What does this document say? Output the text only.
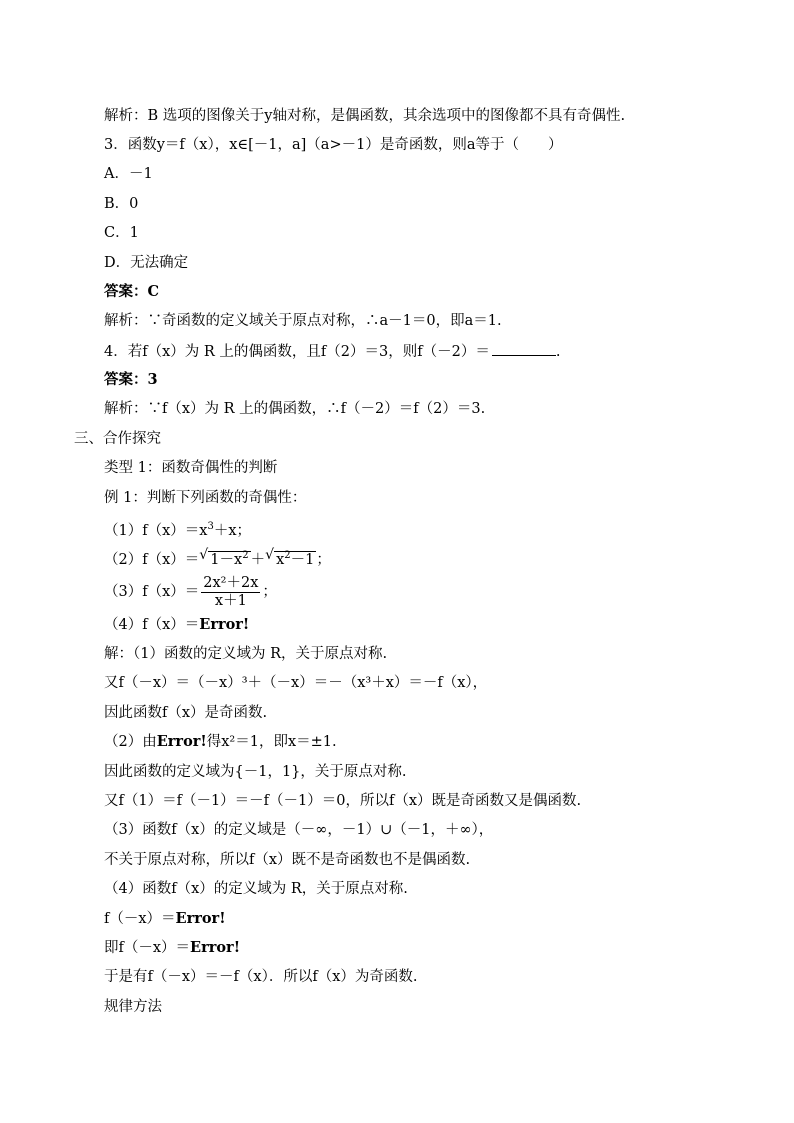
解析：B 选项的图像关于y轴对称，是偶函数，其余选项中的图像都不具有奇偶性.
3．函数y＝f（x），x∈[－1，a]（a>－1）是奇函数，则a等于（　　）
A．－1
B．0
C．1
D．无法确定
答案：C
解析：∵奇函数的定义域关于原点对称，∴a－1＝0，即a＝1.
4．若f（x）为 R 上的偶函数，且f（2）＝3，则f（－2）＝	.
答案：3
解析：∵f（x）为 R 上的偶函数，∴f（－2）＝f（2）＝3.
三、合作探究
类型 1：函数奇偶性的判断
例 1：判断下列函数的奇偶性：
$(1)f(x)=x^3+x$；
（2）f（x）＝ √ $1-x^2$ ＋ √ $x^2-1$ ；
$(3)f(x)= \frac{\text{2x²＋2x}}{x+1}$ ；
（4）f（x）＝Error!
解：（1）函数的定义域为 R，关于原点对称.
又f（－x）＝（－x）³＋（－x）＝－（x³＋x）＝－f（x），
因此函数f（x）是奇函数.
（2）由Error!得x²＝1，即x＝±1.
因此函数的定义域为{－1，1}，关于原点对称.
又f（1）＝f（－1）＝－f（－1）＝0，所以f（x）既是奇函数又是偶函数.
（3）函数f（x）的定义域是（－∞，－1）∪（－1，＋∞），
不关于原点对称，所以f（x）既不是奇函数也不是偶函数.
（4）函数f（x）的定义域为 R，关于原点对称.
f（－x）＝Error!
即f（－x）＝Error!
于是有f（－x）＝－f（x）．所以f（x）为奇函数.
规律方法
